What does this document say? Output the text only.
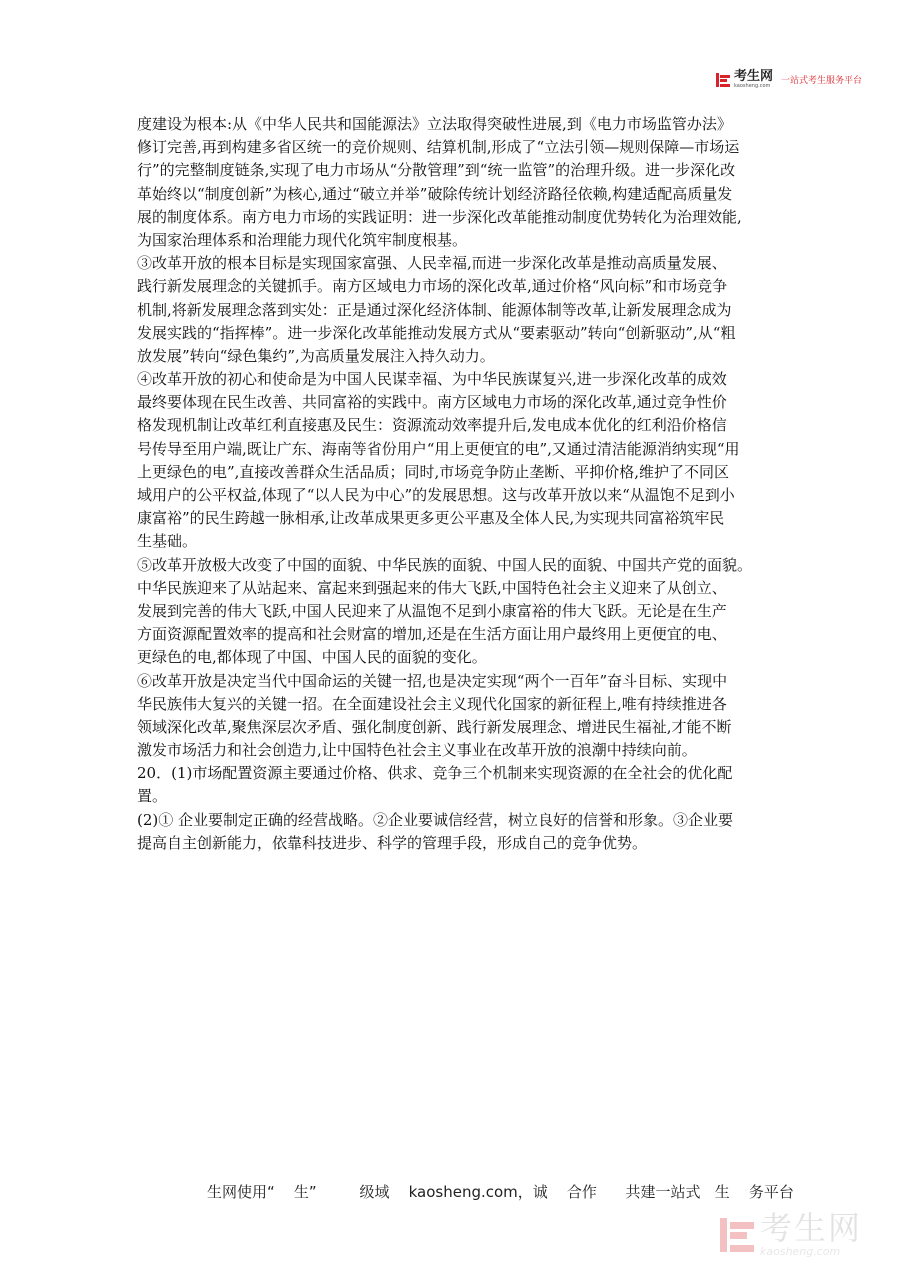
考生网
kaosheng.com 一站式考生服务平台
度建设为根本:从《中华人民共和国能源法》立法取得突破性进展,到《电力市场监管办法》
修订完善,再到构建多省区统一的竞价规则、结算机制,形成了“立法引领—规则保障—市场运
行”的完整制度链条,实现了电力市场从“分散管理”到“统一监管”的治理升级。进一步深化改
革始终以“制度创新”为核心,通过“破立并举”破除传统计划经济路径依赖,构建适配高质量发
展的制度体系。南方电力市场的实践证明：进一步深化改革能推动制度优势转化为治理效能,
为国家治理体系和治理能力现代化筑牢制度根基。
③改革开放的根本目标是实现国家富强、人民幸福,而进一步深化改革是推动高质量发展、
践行新发展理念的关键抓手。南方区域电力市场的深化改革,通过价格“风向标”和市场竞争
机制,将新发展理念落到实处：正是通过深化经济体制、能源体制等改革,让新发展理念成为
发展实践的“指挥棒”。进一步深化改革能推动发展方式从“要素驱动”转向“创新驱动”,从“粗
放发展”转向“绿色集约”,为高质量发展注入持久动力。
④改革开放的初心和使命是为中国人民谋幸福、为中华民族谋复兴,进一步深化改革的成效
最终要体现在民生改善、共同富裕的实践中。南方区域电力市场的深化改革,通过竞争性价
格发现机制让改革红利直接惠及民生：资源流动效率提升后,发电成本优化的红利沿价格信
号传导至用户端,既让广东、海南等省份用户“用上更便宜的电”,又通过清洁能源消纳实现“用
上更绿色的电”,直接改善群众生活品质；同时,市场竞争防止垄断、平抑价格,维护了不同区
域用户的公平权益,体现了“以人民为中心”的发展思想。这与改革开放以来“从温饱不足到小
康富裕”的民生跨越一脉相承,让改革成果更多更公平惠及全体人民,为实现共同富裕筑牢民
生基础。
⑤改革开放极大改变了中国的面貌、中华民族的面貌、中国人民的面貌、中国共产党的面貌。
中华民族迎来了从站起来、富起来到强起来的伟大飞跃,中国特色社会主义迎来了从创立、
发展到完善的伟大飞跃,中国人民迎来了从温饱不足到小康富裕的伟大飞跃。无论是在生产
方面资源配置效率的提高和社会财富的增加,还是在生活方面让用户最终用上更便宜的电、
更绿色的电,都体现了中国、中国人民的面貌的变化。
⑥改革开放是决定当代中国命运的关键一招,也是决定实现“两个一百年”奋斗目标、实现中
华民族伟大复兴的关键一招。在全面建设社会主义现代化国家的新征程上,唯有持续推进各
领域深化改革,聚焦深层次矛盾、强化制度创新、践行新发展理念、增进民生福祉,才能不断
激发市场活力和社会创造力,让中国特色社会主义事业在改革开放的浪潮中持续向前。
20．(1)市场配置资源主要通过价格、供求、竞争三个机制来实现资源的在全社会的优化配
置。
(2)① 企业要制定正确的经营战略。②企业要诚信经营，树立良好的信誉和形象。③企业要
提高自主创新能力，依靠科技进步、科学的管理手段，形成自己的竞争优势。
生网使用“    生”         级域    kaosheng.com，诚    合作      共建一站式   生    务平台
考生网
kaosheng.com
